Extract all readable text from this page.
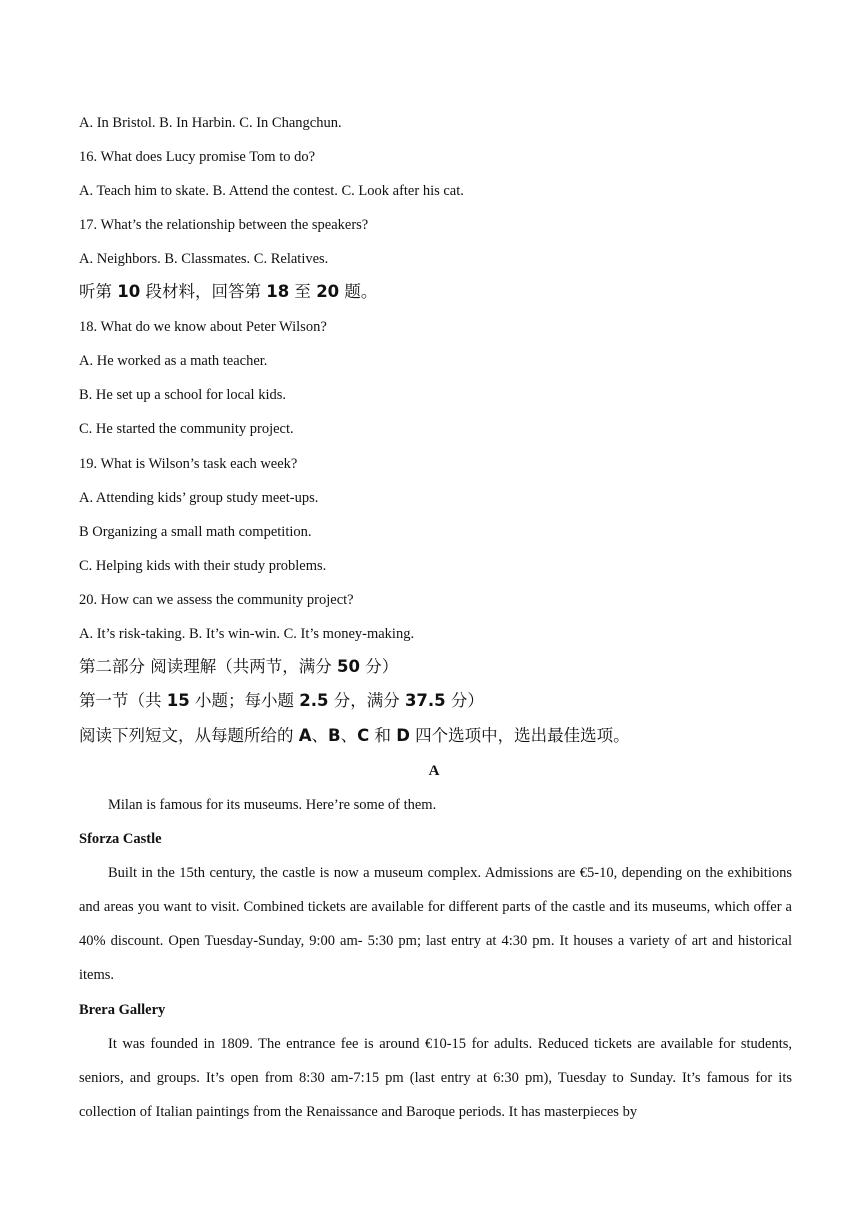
A. In Bristol. B. In Harbin. C. In Changchun.
16. What does Lucy promise Tom to do?
A. Teach him to skate. B. Attend the contest. C. Look after his cat.
17. What’s the relationship between the speakers?
A. Neighbors. B. Classmates. C. Relatives.
听第 10 段材料，回答第 18 至 20 题。
18. What do we know about Peter Wilson?
A. He worked as a math teacher.
B. He set up a school for local kids.
C. He started the community project.
19. What is Wilson’s task each week?
A. Attending kids’ group study meet-ups.
B Organizing a small math competition.
C. Helping kids with their study problems.
20. How can we assess the community project?
A. It’s risk-taking. B. It’s win-win. C. It’s money-making.
第二部分 阅读理解（共两节，满分 50 分）
第一节（共 15 小题；每小题 2.5 分，满分 37.5 分）
阅读下列短文，从每题所给的 A、B、C 和 D 四个选项中，选出最佳选项。
A
Milan is famous for its museums. Here’re some of them.
Sforza Castle
Built in the 15th century, the castle is now a museum complex. Admissions are €5-10, depending on the exhibitions and areas you want to visit. Combined tickets are available for different parts of the castle and its museums, which offer a 40% discount. Open Tuesday-Sunday, 9:00 am- 5:30 pm; last entry at 4:30 pm. It houses a variety of art and historical items.
Brera Gallery
It was founded in 1809. The entrance fee is around €10-15 for adults. Reduced tickets are available for students, seniors, and groups. It’s open from 8:30 am-7:15 pm (last entry at 6:30 pm), Tuesday to Sunday. It’s famous for its collection of Italian paintings from the Renaissance and Baroque periods. It has masterpieces by
